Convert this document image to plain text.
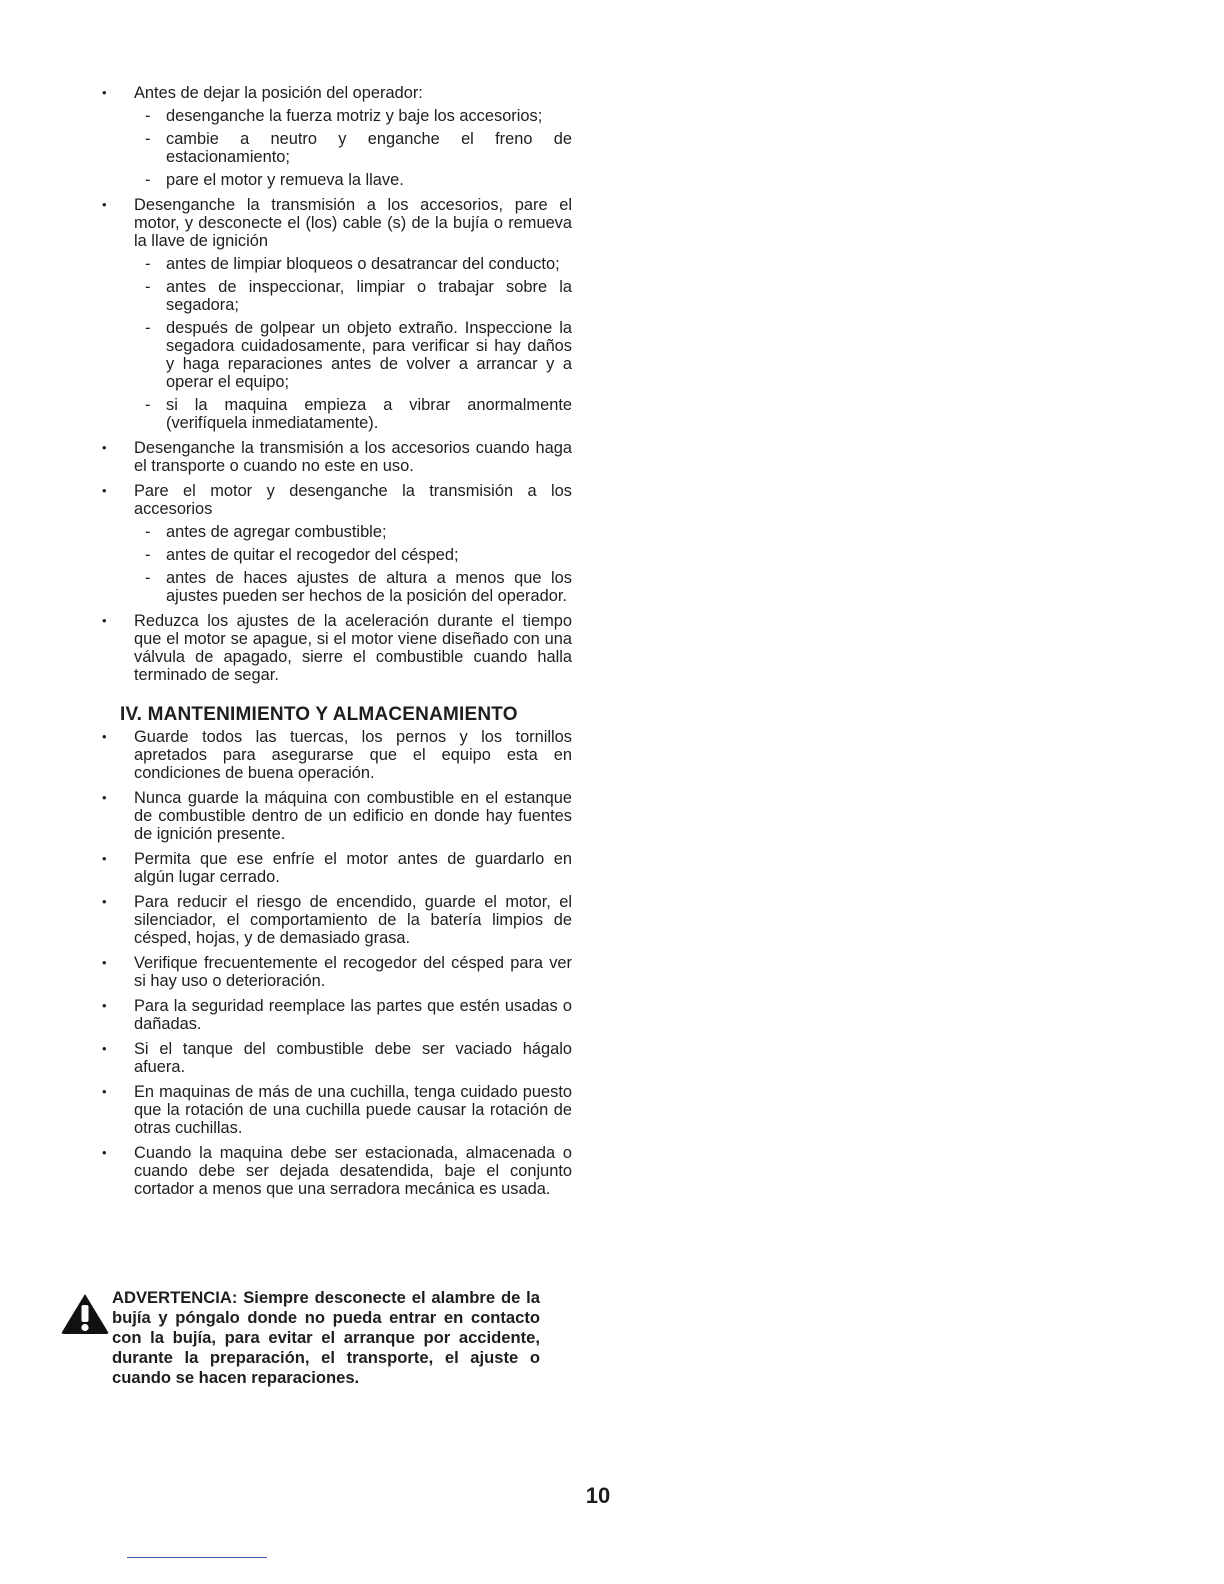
• Antes de dejar la posición del operador:
- desenganche la fuerza motriz y baje los accesorios;
- cambie a neutro y enganche el freno de estacionamiento;
- pare el motor y remueva la llave.
• Desenganche la transmisión a los accesorios, pare el motor, y desconecte el (los) cable (s) de la bujía o remueva la llave de ignición
- antes de limpiar bloqueos o desatrancar del conducto;
- antes de inspeccionar, limpiar o trabajar sobre la segadora;
- después de golpear un objeto extraño. Inspeccione la segadora cuidadosamente, para verificar si hay daños y haga reparaciones antes de volver a arrancar y a operar el equipo;
- si la maquina empieza a vibrar anormalmente (verifíquela inmediatamente).
• Desenganche la transmisión a los accesorios cuando haga el transporte o cuando no este en uso.
• Pare el motor y desenganche la transmisión a los accesorios
- antes de agregar combustible;
- antes de quitar el recogedor del césped;
- antes de haces ajustes de altura a menos que los ajustes pueden ser hechos de la posición del operador.
• Reduzca los ajustes de la aceleración durante el tiempo que el motor se apague, si el motor viene diseñado con una válvula de apagado, sierre el combustible cuando halla terminado de segar.
IV. MANTENIMIENTO Y ALMACENAMIENTO
• Guarde todos las tuercas, los pernos y los tornillos apretados para asegurarse que el equipo esta en condiciones de buena operación.
• Nunca guarde la máquina con combustible en el estanque de combustible dentro de un edificio en donde hay fuentes de ignición presente.
• Permita que ese enfríe el motor antes de guardarlo en algún lugar cerrado.
• Para reducir el riesgo de encendido, guarde el motor, el silenciador, el comportamiento de la batería limpios de césped, hojas, y de demasiado grasa.
• Verifique frecuentemente el recogedor del césped para ver si hay uso o deterioración.
• Para la seguridad reemplace las partes que estén usadas o dañadas.
• Si el tanque del combustible debe ser vaciado hágalo afuera.
• En maquinas de más de una cuchilla, tenga cuidado puesto que la rotación de una cuchilla puede causar la rotación de otras cuchillas.
• Cuando la maquina debe ser estacionada, almacenada o cuando debe ser dejada desatendida, baje el conjunto cortador a menos que una serradora mecánica es usada.
ADVERTENCIA: Siempre desconecte el alambre de la bujía y póngalo donde no pueda entrar en contacto con la bujía, para evitar el arranque por accidente, durante la preparación, el transporte, el ajuste o cuando se hacen reparaciones.
10
